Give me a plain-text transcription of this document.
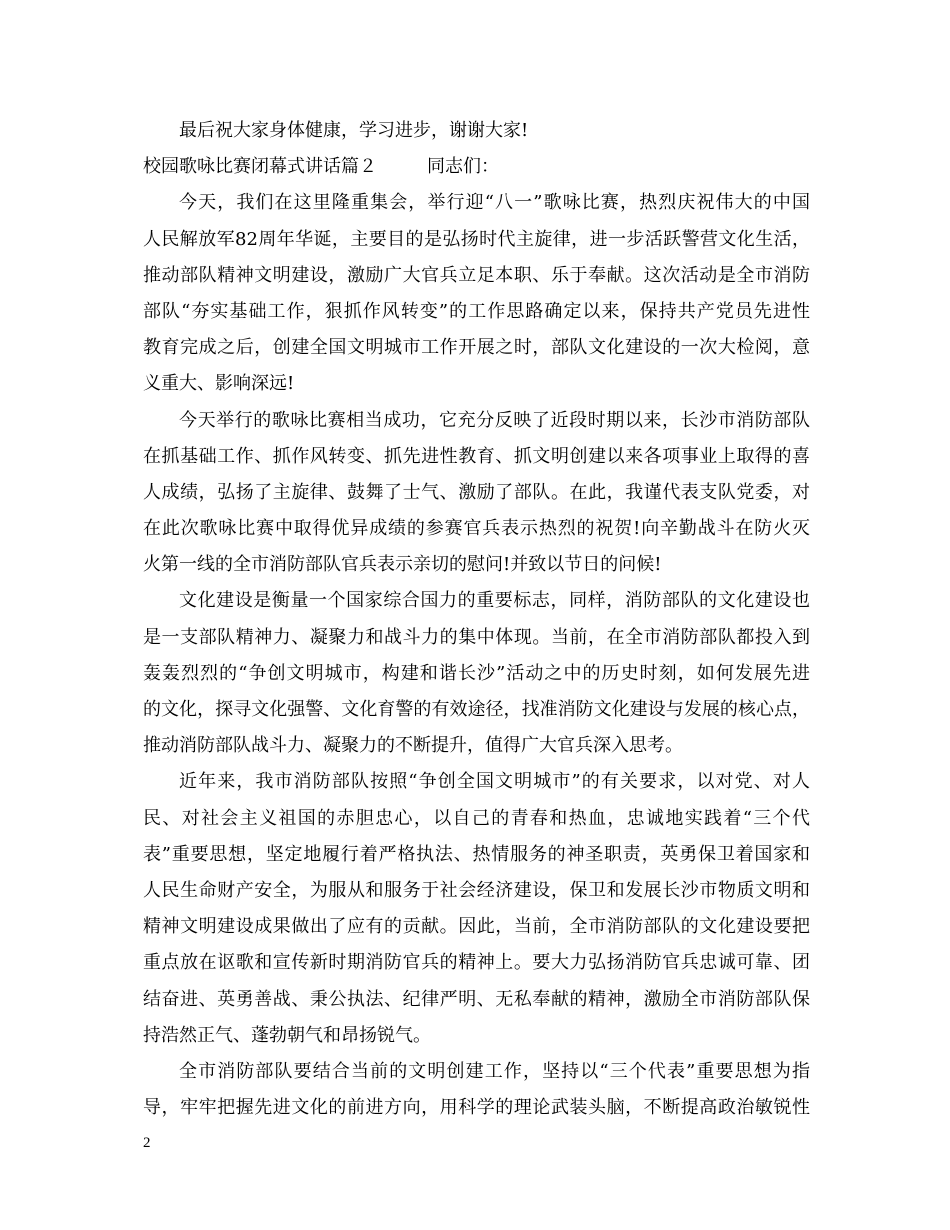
最后祝大家身体健康，学习进步，谢谢大家!
校园歌咏比赛闭幕式讲话篇２	同志们：
今天，我们在这里隆重集会，举行迎“八一”歌咏比赛，热烈庆祝伟大的中国
人民解放军82周年华诞，主要目的是弘扬时代主旋律，进一步活跃警营文化生活，
推动部队精神文明建设，激励广大官兵立足本职、乐于奉献。这次活动是全市消防
部队“夯实基础工作，狠抓作风转变”的工作思路确定以来，保持共产党员先进性
教育完成之后，创建全国文明城市工作开展之时，部队文化建设的一次大检阅，意
义重大、影响深远!
今天举行的歌咏比赛相当成功，它充分反映了近段时期以来，长沙市消防部队
在抓基础工作、抓作风转变、抓先进性教育、抓文明创建以来各项事业上取得的喜
人成绩，弘扬了主旋律、鼓舞了士气、激励了部队。在此，我谨代表支队党委，对
在此次歌咏比赛中取得优异成绩的参赛官兵表示热烈的祝贺!向辛勤战斗在防火灭
火第一线的全市消防部队官兵表示亲切的慰问!并致以节日的问候!
文化建设是衡量一个国家综合国力的重要标志，同样，消防部队的文化建设也
是一支部队精神力、凝聚力和战斗力的集中体现。当前，在全市消防部队都投入到
轰轰烈烈的“争创文明城市，构建和谐长沙”活动之中的历史时刻，如何发展先进
的文化，探寻文化强警、文化育警的有效途径，找准消防文化建设与发展的核心点，
推动消防部队战斗力、凝聚力的不断提升，值得广大官兵深入思考。
近年来，我市消防部队按照“争创全国文明城市”的有关要求，以对党、对人
民、对社会主义祖国的赤胆忠心，以自己的青春和热血，忠诚地实践着“三个代
表”重要思想，坚定地履行着严格执法、热情服务的神圣职责，英勇保卫着国家和
人民生命财产安全，为服从和服务于社会经济建设，保卫和发展长沙市物质文明和
精神文明建设成果做出了应有的贡献。因此，当前，全市消防部队的文化建设要把
重点放在讴歌和宣传新时期消防官兵的精神上。要大力弘扬消防官兵忠诚可靠、团
结奋进、英勇善战、秉公执法、纪律严明、无私奉献的精神，激励全市消防部队保
持浩然正气、蓬勃朝气和昂扬锐气。
全市消防部队要结合当前的文明创建工作，坚持以“三个代表”重要思想为指
导，牢牢把握先进文化的前进方向，用科学的理论武装头脑，不断提高政治敏锐性
2
